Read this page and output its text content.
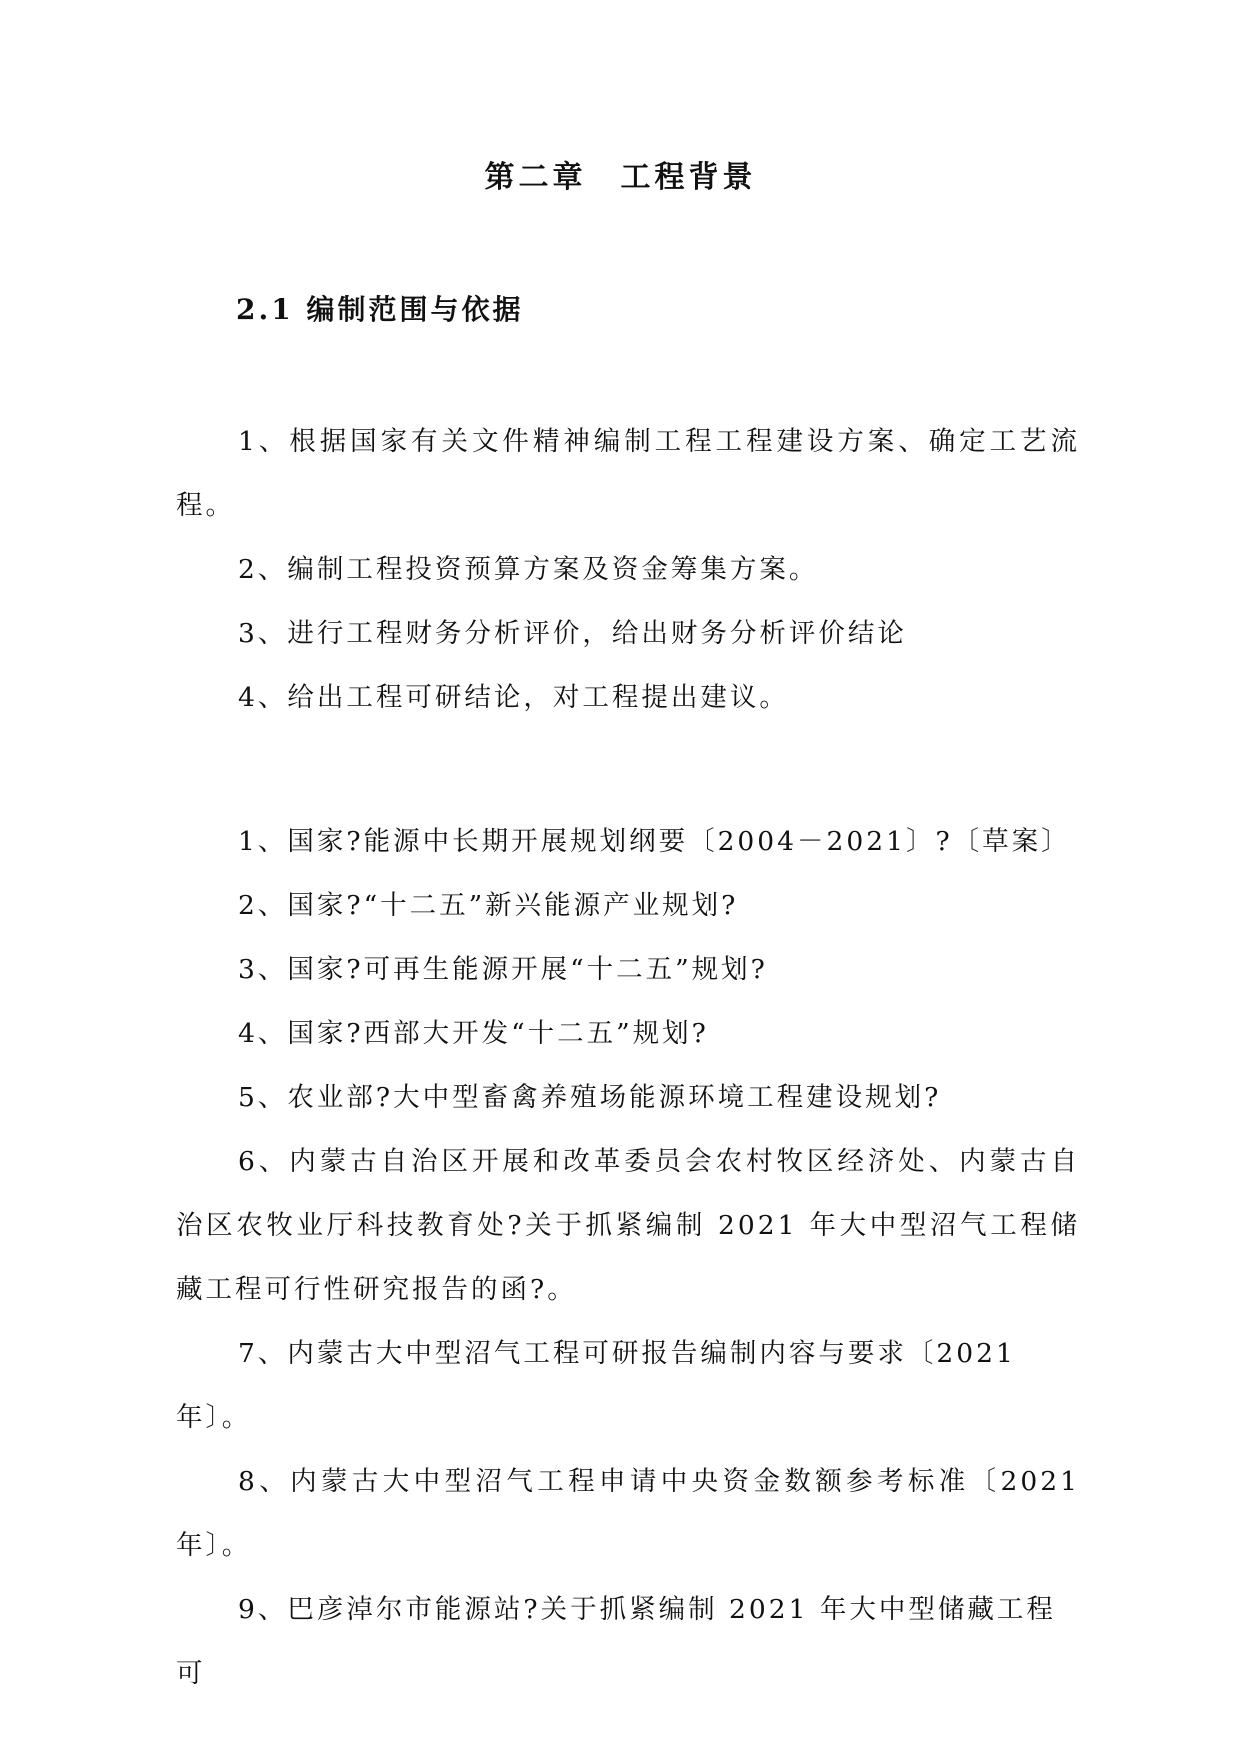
第二章　工程背景
2.1 编制范围与依据

1、根据国家有关文件精神编制工程工程建设方案、确定工艺流程。

2、编制工程投资预算方案及资金筹集方案。

3、进行工程财务分析评价，给出财务分析评价结论

4、给出工程可研结论，对工程提出建议。

1、国家?能源中长期开展规划纲要〔2004－2021〕?〔草案〕

2、国家?“十二五”新兴能源产业规划?

3、国家?可再生能源开展“十二五”规划?

4、国家?西部大开发“十二五”规划?

5、农业部?大中型畜禽养殖场能源环境工程建设规划?

6、内蒙古自治区开展和改革委员会农村牧区经济处、内蒙古自治区农牧业厅科技教育处?关于抓紧编制 2021 年大中型沼气工程储藏工程可行性研究报告的函?。

7、内蒙古大中型沼气工程可研报告编制内容与要求〔2021 年〕。

8、内蒙古大中型沼气工程申请中央资金数额参考标准〔2021 年〕。

9、巴彦淖尔市能源站?关于抓紧编制 2021 年大中型储藏工程可
